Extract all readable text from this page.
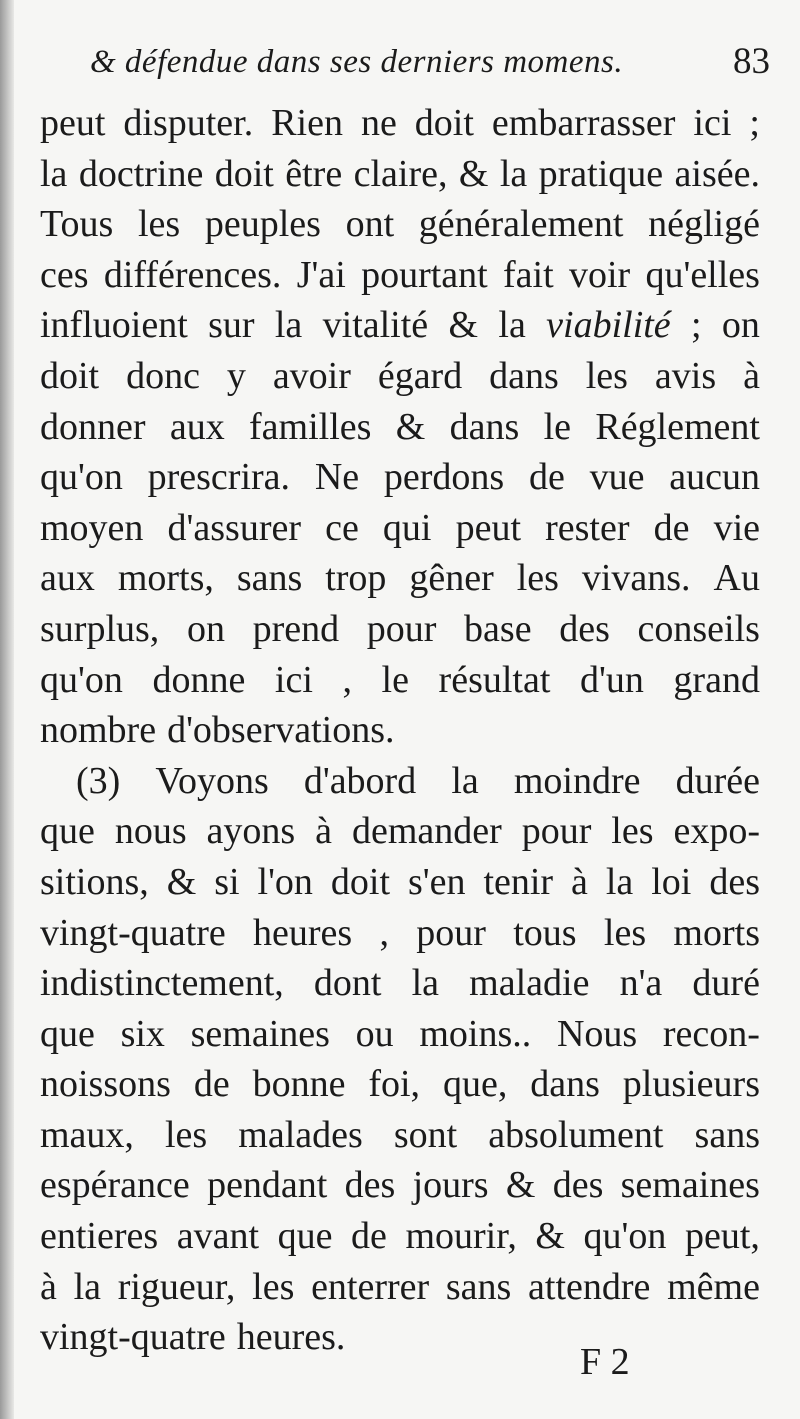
& défendue dans ses derniers momens.	83
peut disputer. Rien ne doit embarrasser ici ;
la doctrine doit être claire, & la pratique aisée.
Tous les peuples ont généralement négligé
ces différences. J'ai pourtant fait voir qu'elles
influoient sur la vitalité & la viabilité ; on
doit donc y avoir égard dans les avis à
donner aux familles & dans le Réglement
qu'on prescrira. Ne perdons de vue aucun
moyen d'assurer ce qui peut rester de vie
aux morts, sans trop gêner les vivans. Au
surplus, on prend pour base des conseils
qu'on donne ici , le résultat d'un grand
nombre d'observations.
(3) Voyons d'abord la moindre durée
que nous ayons à demander pour les expo-
sitions, & si l'on doit s'en tenir à la loi des
vingt-quatre heures , pour tous les morts
indistinctement, dont la maladie n'a duré
que six semaines ou moins.. Nous recon-
noissons de bonne foi, que, dans plusieurs
maux, les malades sont absolument sans
espérance pendant des jours & des semaines
entieres avant que de mourir, & qu'on peut,
à la rigueur, les enterrer sans attendre même
vingt-quatre heures.
F 2
